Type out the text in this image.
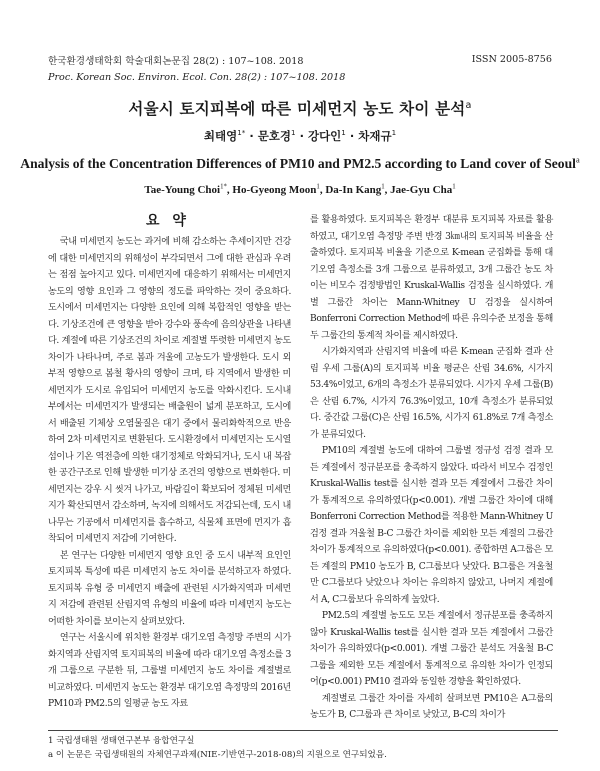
한국환경생태학회 학술대회논문집 28(2) : 107~108. 2018
Proc. Korean Soc. Environ. Ecol. Con. 28(2) : 107~108. 2018
ISSN 2005-8756
서울시 토지피복에 따른 미세먼지 농도 차이 분석$^a$
최태영$^{1*}$ · 문호경$^1$ · 강다인$^1$ · 차재규$^1$
Analysis of the Concentration Differences of PM10 and PM2.5 according to Land cover of Seoul$^a$
Tae-Young Choi$^{1*}$, Ho-Gyeong Moon$^1$, Da-In Kang$^1$, Jae-Gyu Cha$^1$
요 약

국내 미세먼지 농도는 과거에 비해 감소하는 추세이지만 건강에 대한 미세먼지의 위해성이 부각되면서 그에 대한 관심과 우려는 점점 높아지고 있다. 미세먼지에 대응하기 위해서는 미세먼지 농도의 영향 요인과 그 영향의 정도를 파악하는 것이 중요하다. 도시에서 미세먼지는 다양한 요인에 의해 복합적인 영향을 받는다. 기상조건에 큰 영향을 받아 강수와 풍속에 음의상관을 나타낸다. 계절에 따른 기상조건의 차이로 계절별 뚜렷한 미세먼지 농도 차이가 나타나며, 주로 봄과 겨울에 고농도가 발생한다. 도시 외부적 영향으로 봄철 황사의 영향이 크며, 타 지역에서 발생한 미세먼지가 도시로 유입되어 미세먼지 농도를 악화시킨다. 도시내부에서는 미세먼지가 발생되는 배출원이 넓게 분포하고, 도시에서 배출된 기체상 오염물질은 대기 중에서 물리화학적으로 반응하여 2차 미세먼지로 변환된다. 도시환경에서 미세먼지는 도시열섬이나 기온 역전층에 의한 대기정체로 악화되거나, 도시 내 복잡한 공간구조로 인해 발생한 미기상 조건의 영향으로 변화한다. 미세먼지는 강우 시 씻겨 나가고, 바람길이 확보되어 정체된 미세먼지가 확산되면서 감소하며, 녹지에 의해서도 저감되는데, 도시 내 나무는 기공에서 미세먼지를 흡수하고, 식물체 표면에 먼지가 흡착되어 미세먼지 저감에 기여한다.

본 연구는 다양한 미세먼지 영향 요인 중 도시 내부적 요인인 토지피복 특성에 따른 미세먼지 농도 차이를 분석하고자 하였다. 토지피복 유형 중 미세먼지 배출에 관련된 시가화지역과 미세먼지 저감에 관련된 산림지역 유형의 비율에 따라 미세먼지 농도는 어떠한 차이를 보이는지 살펴보았다.

연구는 서울시에 위치한 환경부 대기오염 측정망 주변의 시가화지역과 산림지역 토지피복의 비율에 따라 대기오염 측정소를 3개 그룹으로 구분한 뒤, 그룹별 미세먼지 농도 차이를 계절별로 비교하였다. 미세먼지 농도는 환경부 대기오염 측정망의 2016년 PM10과 PM2.5의 일평균 농도 자료

를 활용하였다. 토지피복은 환경부 대분류 토지피복 자료를 활용하였고, 대기오염 측정망 주변 반경 3㎞내의 토지피복 비율을 산출하였다. 토지피복 비율을 기준으로 K-mean 군집화를 통해 대기오염 측정소를 3개 그룹으로 분류하였고, 3개 그룹간 농도 차이는 비모수 검정방법인 Kruskal-Wallis 검정을 실시하였다. 개별 그룹간 차이는 Mann-Whitney U 검정을 실시하여 Bonferroni Correction Method에 따른 유의수준 보정을 통해 두 그룹간의 통계적 차이를 제시하였다.

시가화지역과 산림지역 비율에 따른 K-mean 군집화 결과 산림 우세 그룹(A)의 토지피복 비율 평균은 산림 34.6%, 시가지 53.4%이었고, 6개의 측정소가 분류되었다. 시가지 우세 그룹(B)은 산림 6.7%, 시가지 76.3%이었고, 10개 측정소가 분류되었다. 중간값 그룹(C)은 산림 16.5%, 시가지 61.8%로 7개 측정소가 분류되었다.

PM10의 계절별 농도에 대하여 그룹별 정규성 검정 결과 모든 계절에서 정규분포를 충족하지 않았다. 따라서 비모수 검정인 Kruskal-Wallis test를 실시한 결과 모든 계절에서 그룹간 차이가 통계적으로 유의하였다(p<0.001). 개별 그룹간 차이에 대해 Bonferroni Correction Method를 적용한 Mann-Whitney U 검정 결과 겨울철 B-C 그룹간 차이를 제외한 모든 계절의 그룹간 차이가 통계적으로 유의하였다(p<0.001). 종합하면 A그룹은 모든 계절의 PM10 농도가 B, C그룹보다 낮았다. B그룹은 겨울철만 C그룹보다 낮았으나 차이는 유의하지 않았고, 나머지 계절에서 A, C그룹보다 유의하게 높았다.

PM2.5의 계절별 농도도 모든 계절에서 정규분포를 충족하지 않아 Kruskal-Wallis test를 실시한 결과 모든 계절에서 그룹간 차이가 유의하였다(p<0.001). 개별 그룹간 분석도 겨울철 B-C 그룹을 제외한 모든 계절에서 통계적으로 유의한 차이가 인정되어(p<0.001) PM10 결과와 동일한 경향을 확인하였다.

계절별로 그룹간 차이를 자세히 살펴보면 PM10은 A그룹의 농도가 B, C그룹과 큰 차이로 낮았고, B-C의 차이가

1 국립생태원 생태연구본부 융합연구실
a 이 논문은 국립생태원의 자체연구과제(NIE-기반연구-2018-08)의 지원으로 연구되었음.
